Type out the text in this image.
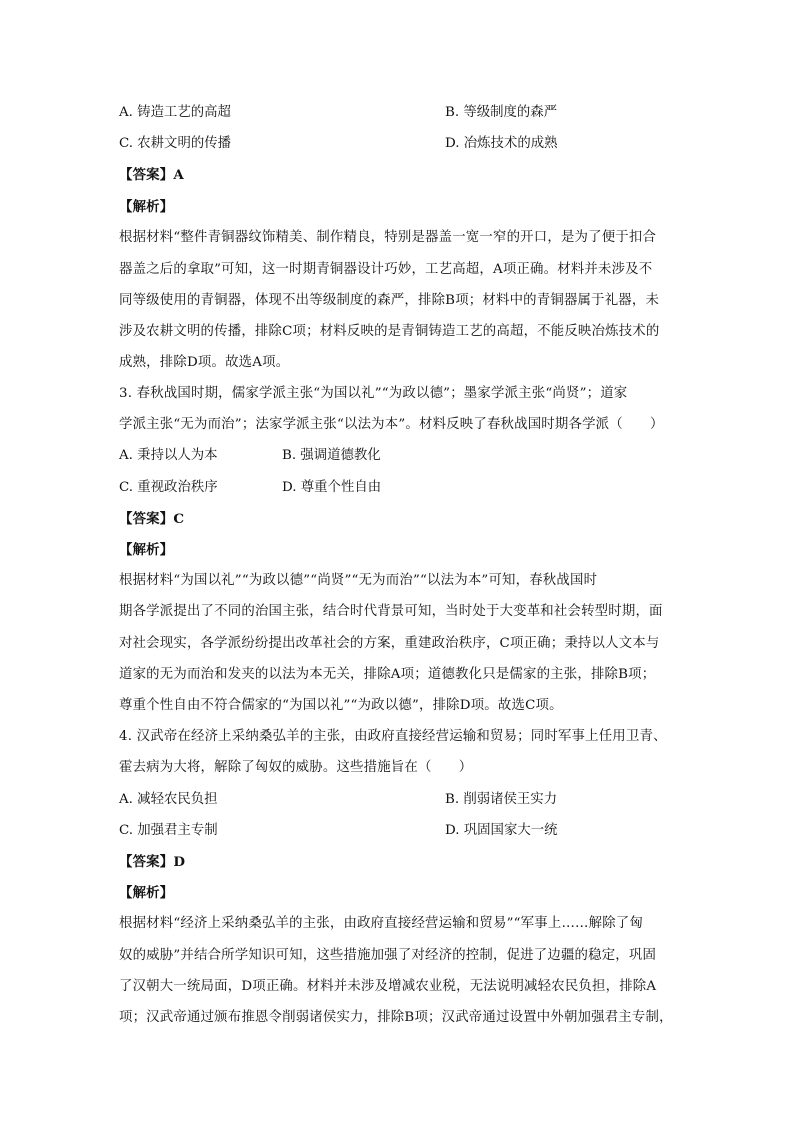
A. 铸造工艺的高超	B. 等级制度的森严
C. 农耕文明的传播	D. 冶炼技术的成熟
【答案】A
【解析】
根据材料“整件青铜器纹饰精美、制作精良，特别是器盖一宽一窄的开口，是为了便于扣合
器盖之后的拿取”可知，这一时期青铜器设计巧妙，工艺高超，A项正确。材料并未涉及不
同等级使用的青铜器，体现不出等级制度的森严，排除B项；材料中的青铜器属于礼器，未
涉及农耕文明的传播，排除C项；材料反映的是青铜铸造工艺的高超，不能反映冶炼技术的
成熟，排除D项。故选A项。
3. 春秋战国时期，儒家学派主张“为国以礼”“为政以德”；墨家学派主张“尚贤”；道家
学派主张“无为而治”；法家学派主张“以法为本”。材料反映了春秋战国时期各学派（　　）
A. 秉持以人为本	B. 强调道德教化
C. 重视政治秩序	D. 尊重个性自由
【答案】C
【解析】
根据材料“为国以礼”“为政以德”“尚贤”“无为而治”“以法为本”可知，春秋战国时
期各学派提出了不同的治国主张，结合时代背景可知，当时处于大变革和社会转型时期，面
对社会现实，各学派纷纷提出改革社会的方案，重建政治秩序，C项正确；秉持以人文本与
道家的无为而治和发夹的以法为本无关，排除A项；道德教化只是儒家的主张，排除B项；
尊重个性自由不符合儒家的“为国以礼”“为政以德”，排除D项。故选C项。
4. 汉武帝在经济上采纳桑弘羊的主张，由政府直接经营运输和贸易；同时军事上任用卫青、
霍去病为大将，解除了匈奴的威胁。这些措施旨在（　　）
A. 减轻农民负担	B. 削弱诸侯王实力
C. 加强君主专制	D. 巩固国家大一统
【答案】D
【解析】
根据材料“经济上采纳桑弘羊的主张，由政府直接经营运输和贸易”“军事上……解除了匈
奴的威胁”并结合所学知识可知，这些措施加强了对经济的控制，促进了边疆的稳定，巩固
了汉朝大一统局面，D项正确。材料并未涉及增减农业税，无法说明减轻农民负担，排除A
项；汉武帝通过颁布推恩令削弱诸侯实力，排除B项；汉武帝通过设置中外朝加强君主专制，
